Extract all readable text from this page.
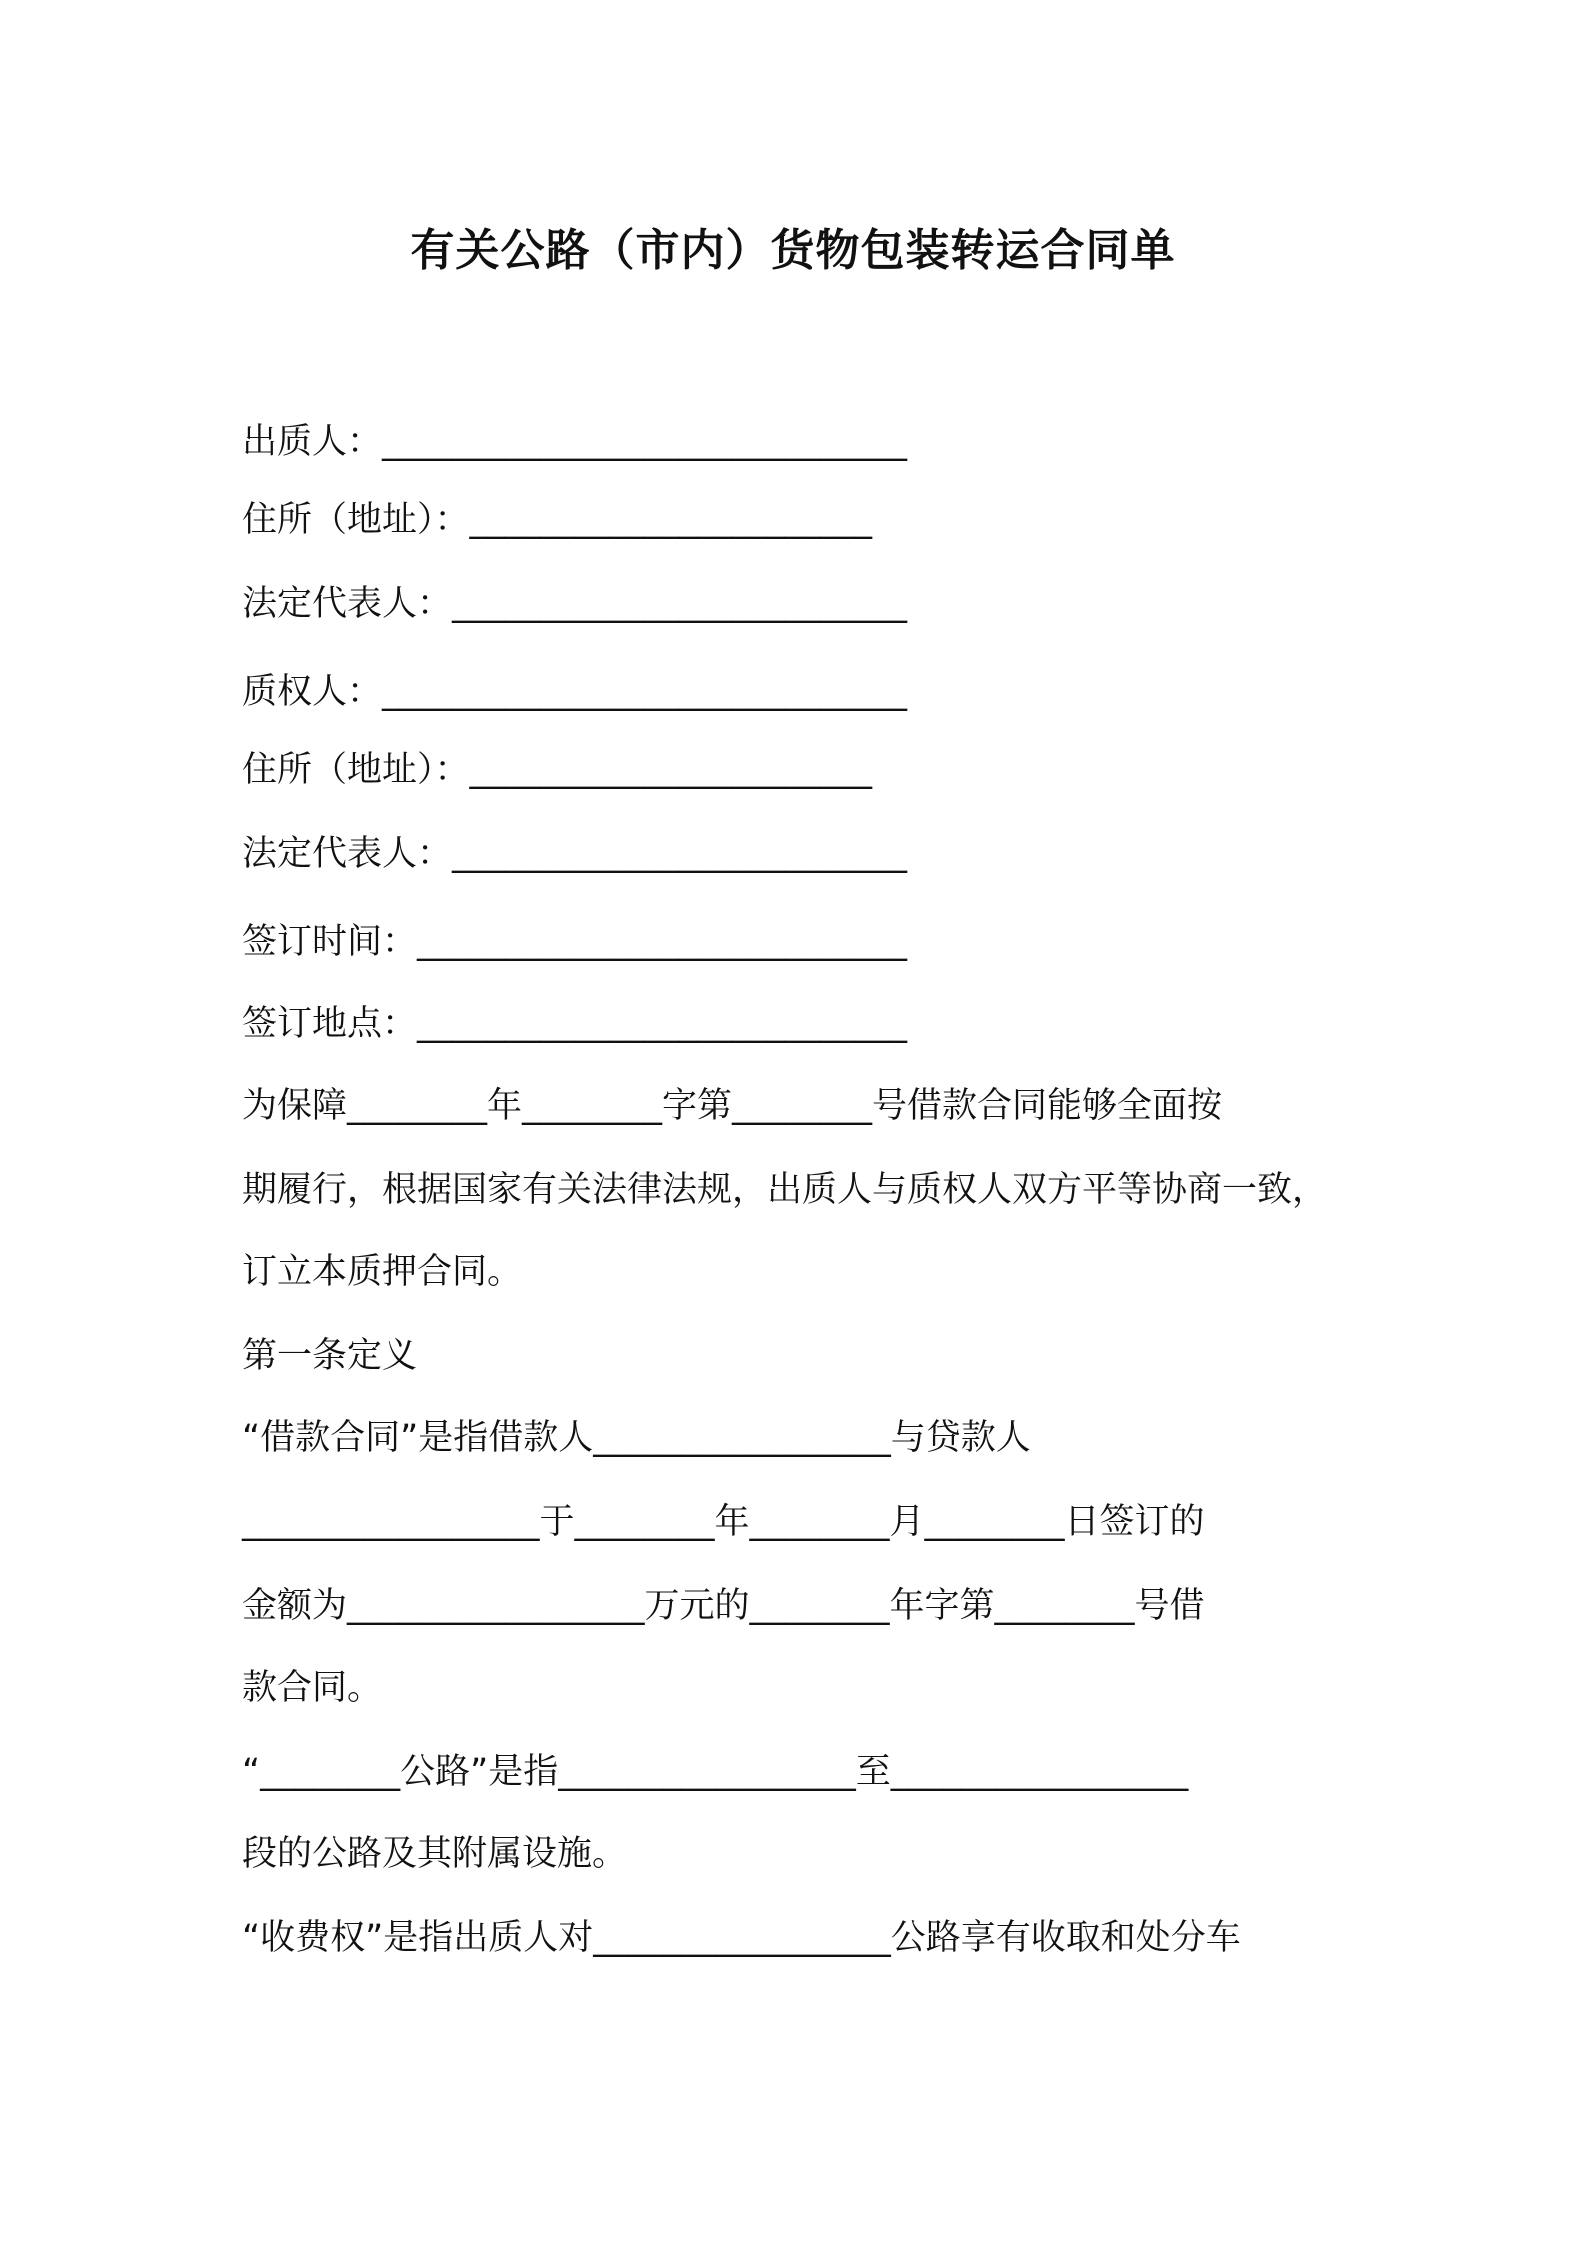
有关公路（市内）货物包装转运合同单

出质人：______________________________

住所（地址）：_______________________

法定代表人：__________________________

质权人：______________________________

住所（地址）：_______________________

法定代表人：__________________________

签订时间：____________________________

签订地点：____________________________

为保障________年________字第________号借款合同能够全面按

期履行，根据国家有关法律法规，出质人与质权人双方平等协商一致，

订立本质押合同。

第一条定义

“借款合同”是指借款人_________________与贷款人

_________________于________年________月________日签订的

金额为_________________万元的________年字第________号借

款合同。

“________公路”是指_________________至_________________

段的公路及其附属设施。

“收费权”是指出质人对_________________公路享有收取和处分车
